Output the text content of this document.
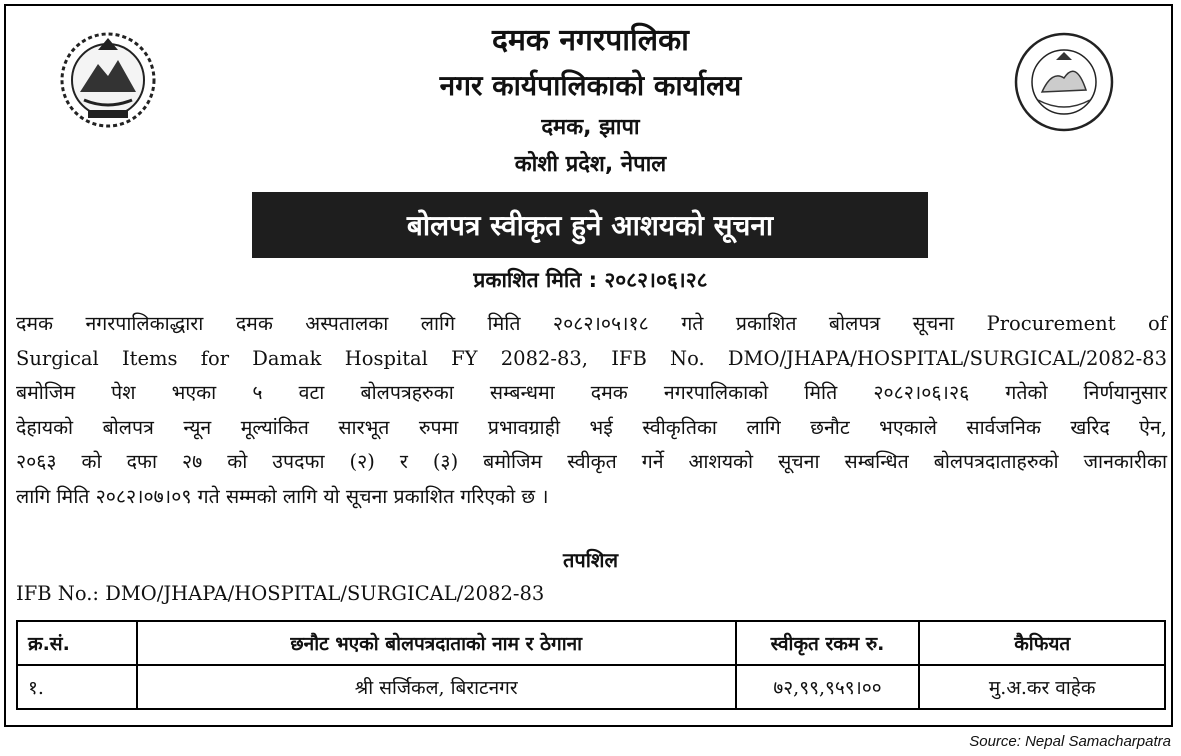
दमक नगरपालिका
नगर कार्यपालिकाको कार्यालय
दमक, झापा
कोशी प्रदेश, नेपाल
बोलपत्र स्वीकृत हुने आशयको सूचना
प्रकाशित मिति : २०८२।०६।२८

दमक नगरपालिकाद्धारा दमक अस्पतालका लागि मिति २०८२।०५।१८ गते प्रकाशित बोलपत्र सूचना Procurement of

Surgical Items for Damak Hospital FY 2082-83, IFB No. DMO/JHAPA/HOSPITAL/SURGICAL/2082-83

बमोजिम पेश भएका ५ वटा बोलपत्रहरुका सम्बन्धमा दमक नगरपालिकाको मिति २०८२।०६।२६ गतेको निर्णयानुसार

देहायको बोलपत्र न्यून मूल्यांकित सारभूत रुपमा प्रभावग्राही भई स्वीकृतिका लागि छनौट भएकाले सार्वजनिक खरिद ऐन,

२०६३ को दफा २७ को उपदफा (२) र (३) बमोजिम स्वीकृत गर्ने आशयको सूचना सम्बन्धित बोलपत्रदाताहरुको जानकारीका

लागि मिति २०८२।०७।०९ गते सम्मको लागि यो सूचना प्रकाशित गरिएको छ ।

तपशिल
IFB No.: DMO/JHAPA/HOSPITAL/SURGICAL/2082-83
क्र.सं.	छनौट भएको बोलपत्रदाताको नाम र ठेगाना	स्वीकृत रकम रु.	कैफियत
१.	श्री सर्जिकल, बिराटनगर	७२,९९,९५९।००	मु.अ.कर वाहेक
Source: Nepal Samacharpatra
